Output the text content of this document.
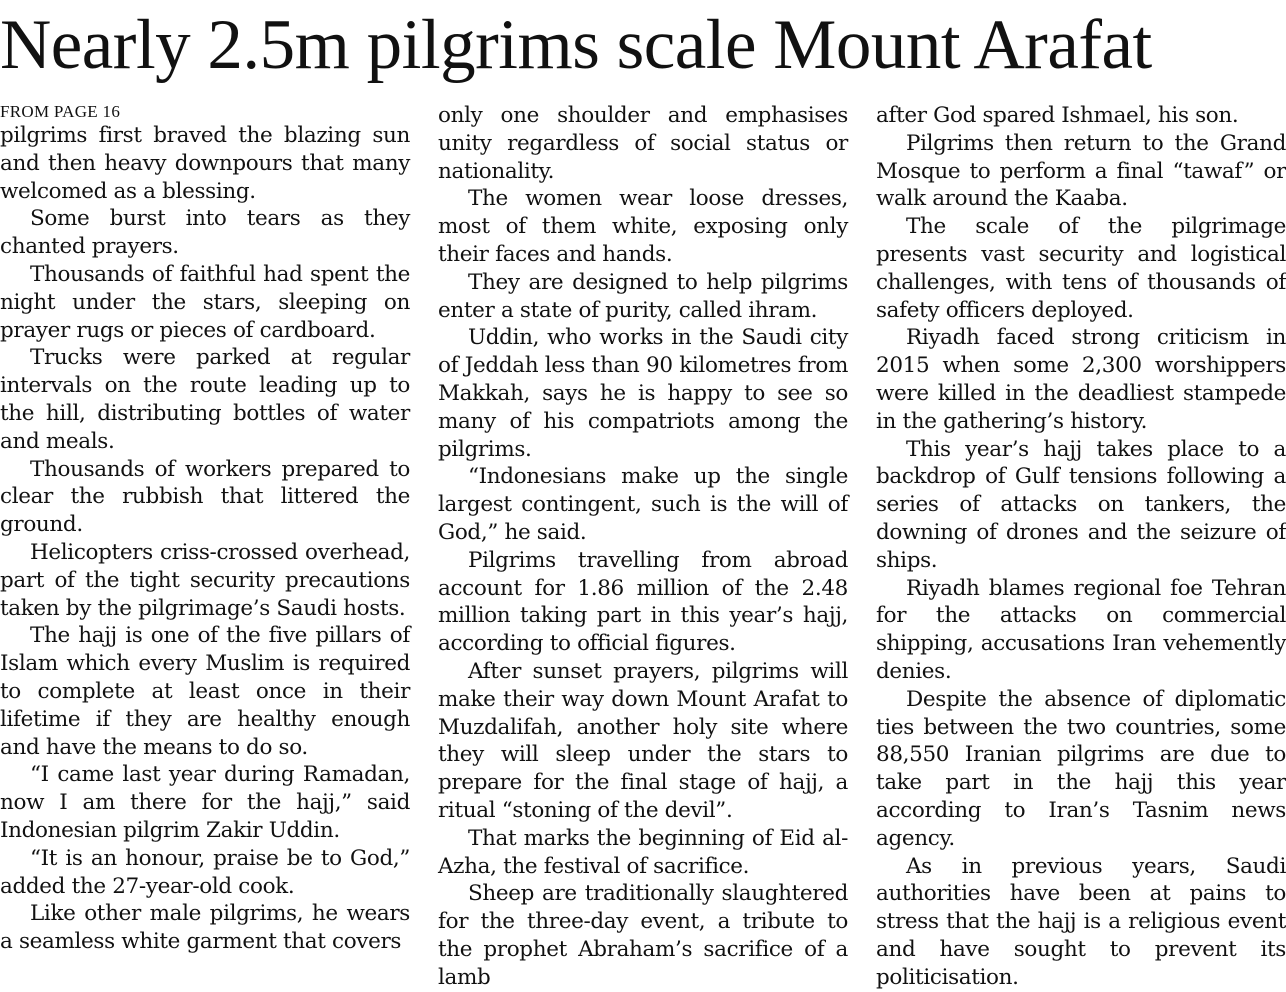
Nearly 2.5m pilgrims scale Mount Arafat

FROM PAGE 16

pilgrims first braved the blazing sun and then heavy downpours that many welcomed as a blessing.

Some burst into tears as they chanted prayers.

Thousands of faithful had spent the night under the stars, sleeping on prayer rugs or pieces of cardboard.

Trucks were parked at regular intervals on the route leading up to the hill, distributing bottles of water and meals.

Thousands of workers prepared to clear the rubbish that littered the ground.

Helicopters criss-crossed overhead, part of the tight security precautions taken by the pilgrimage’s Saudi hosts.

The hajj is one of the five pillars of Islam which every Muslim is required to complete at least once in their lifetime if they are healthy enough and have the means to do so.

“I came last year during Ramadan, now I am there for the hajj,” said Indonesian pilgrim Zakir Uddin.

“It is an honour, praise be to God,” added the 27-year-old cook.

Like other male pilgrims, he wears a seamless white garment that covers

only one shoulder and emphasises unity regardless of social status or nationality.

The women wear loose dresses, most of them white, exposing only their faces and hands.

They are designed to help pilgrims enter a state of purity, called ihram.

Uddin, who works in the Saudi city of Jeddah less than 90 kilometres from Makkah, says he is happy to see so many of his compatriots among the pilgrims.

“Indonesians make up the single largest contingent, such is the will of God,” he said.

Pilgrims travelling from abroad account for 1.86 million of the 2.48 million taking part in this year’s hajj, according to official figures.

After sunset prayers, pilgrims will make their way down Mount Arafat to Muzdalifah, another holy site where they will sleep under the stars to prepare for the final stage of hajj, a ritual “stoning of the devil”.

That marks the beginning of Eid al-Azha, the festival of sacrifice.

Sheep are traditionally slaughtered for the three-day event, a tribute to the prophet Abraham’s sacrifice of a lamb

after God spared Ishmael, his son.

Pilgrims then return to the Grand Mosque to perform a final “tawaf” or walk around the Kaaba.

The scale of the pilgrimage presents vast security and logistical challenges, with tens of thousands of safety officers deployed.

Riyadh faced strong criticism in 2015 when some 2,300 worshippers were killed in the deadliest stampede in the gathering’s history.

This year’s hajj takes place to a backdrop of Gulf tensions following a series of attacks on tankers, the downing of drones and the seizure of ships.

Riyadh blames regional foe Tehran for the attacks on commercial shipping, accusations Iran vehemently denies.

Despite the absence of diplomatic ties between the two countries, some 88,550 Iranian pilgrims are due to take part in the hajj this year according to Iran’s Tasnim news agency.

As in previous years, Saudi authorities have been at pains to stress that the hajj is a religious event and have sought to prevent its politicisation.
